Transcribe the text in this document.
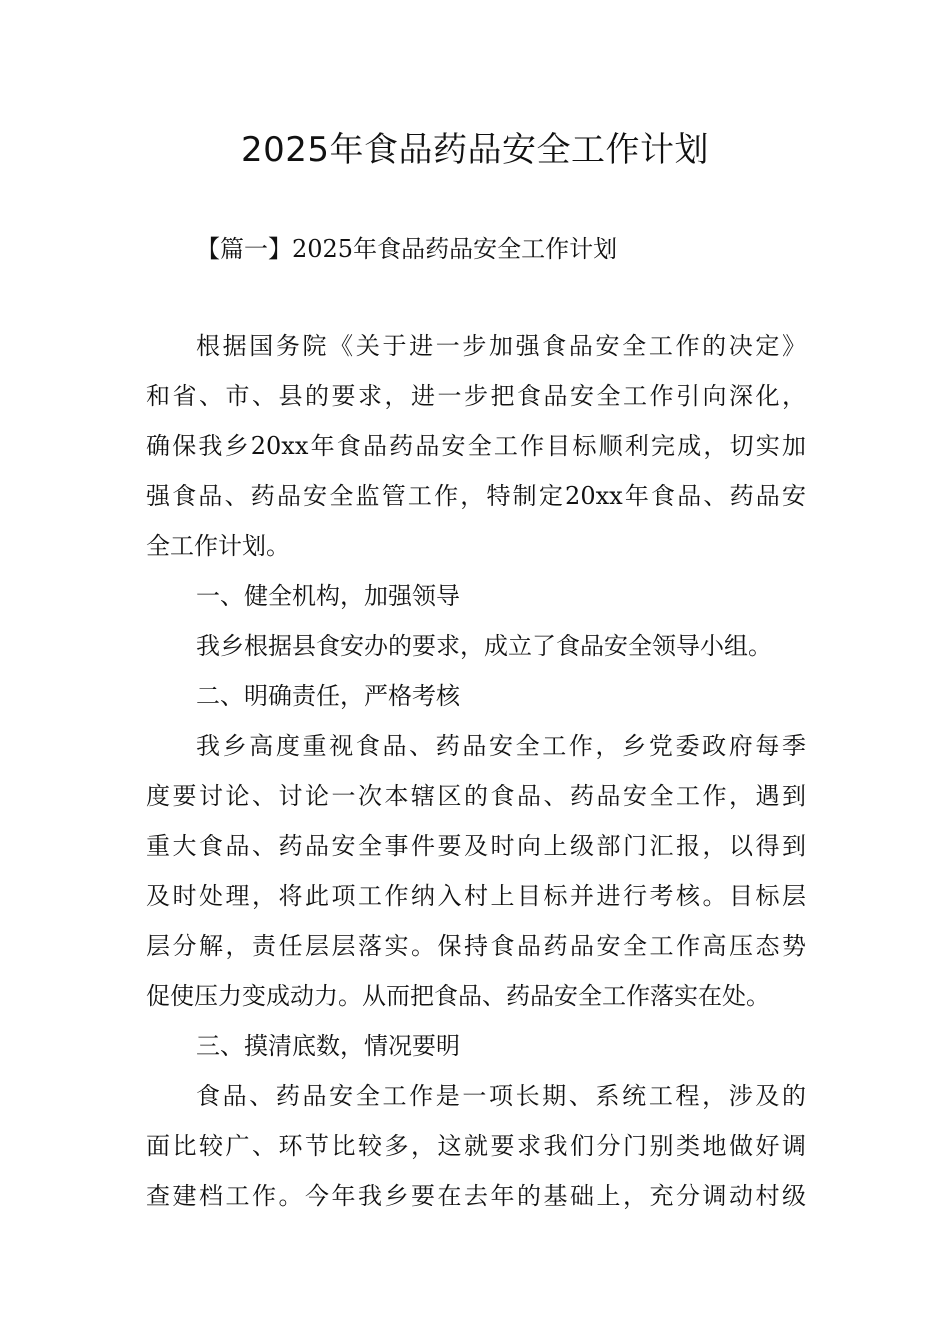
2025年食品药品安全工作计划
【篇一】2025年食品药品安全工作计划
根据国务院《关于进一步加强食品安全工作的决定》
和省、市、县的要求，进一步把食品安全工作引向深化，
确保我乡20xx年食品药品安全工作目标顺利完成，切实加
强食品、药品安全监管工作，特制定20xx年食品、药品安
全工作计划。
一、健全机构，加强领导
我乡根据县食安办的要求，成立了食品安全领导小组。
二、明确责任，严格考核
我乡高度重视食品、药品安全工作，乡党委政府每季
度要讨论、讨论一次本辖区的食品、药品安全工作，遇到
重大食品、药品安全事件要及时向上级部门汇报，以得到
及时处理，将此项工作纳入村上目标并进行考核。目标层
层分解，责任层层落实。保持食品药品安全工作高压态势
促使压力变成动力。从而把食品、药品安全工作落实在处。
三、摸清底数，情况要明
食品、药品安全工作是一项长期、系统工程，涉及的
面比较广、环节比较多，这就要求我们分门别类地做好调
查建档工作。今年我乡要在去年的基础上，充分调动村级
